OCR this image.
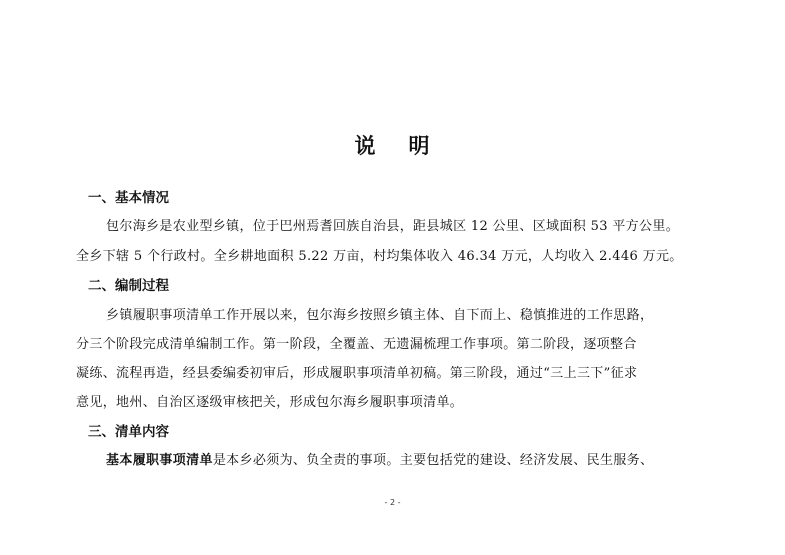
说 明
一、基本情况
包尔海乡是农业型乡镇，位于巴州焉耆回族自治县，距县城区 12 公里、区域面积 53 平方公里。
全乡下辖 5 个行政村。全乡耕地面积 5.22 万亩，村均集体收入 46.34 万元，人均收入 2.446 万元。
二、编制过程
乡镇履职事项清单工作开展以来，包尔海乡按照乡镇主体、自下而上、稳慎推进的工作思路，
分三个阶段完成清单编制工作。第一阶段，全覆盖、无遗漏梳理工作事项。第二阶段，逐项整合
凝练、流程再造，经县委编委初审后，形成履职事项清单初稿。第三阶段，通过“三上三下”征求
意见，地州、自治区逐级审核把关，形成包尔海乡履职事项清单。
三、清单内容
基本履职事项清单是本乡必须为、负全责的事项。主要包括党的建设、经济发展、民生服务、
- 2 -
